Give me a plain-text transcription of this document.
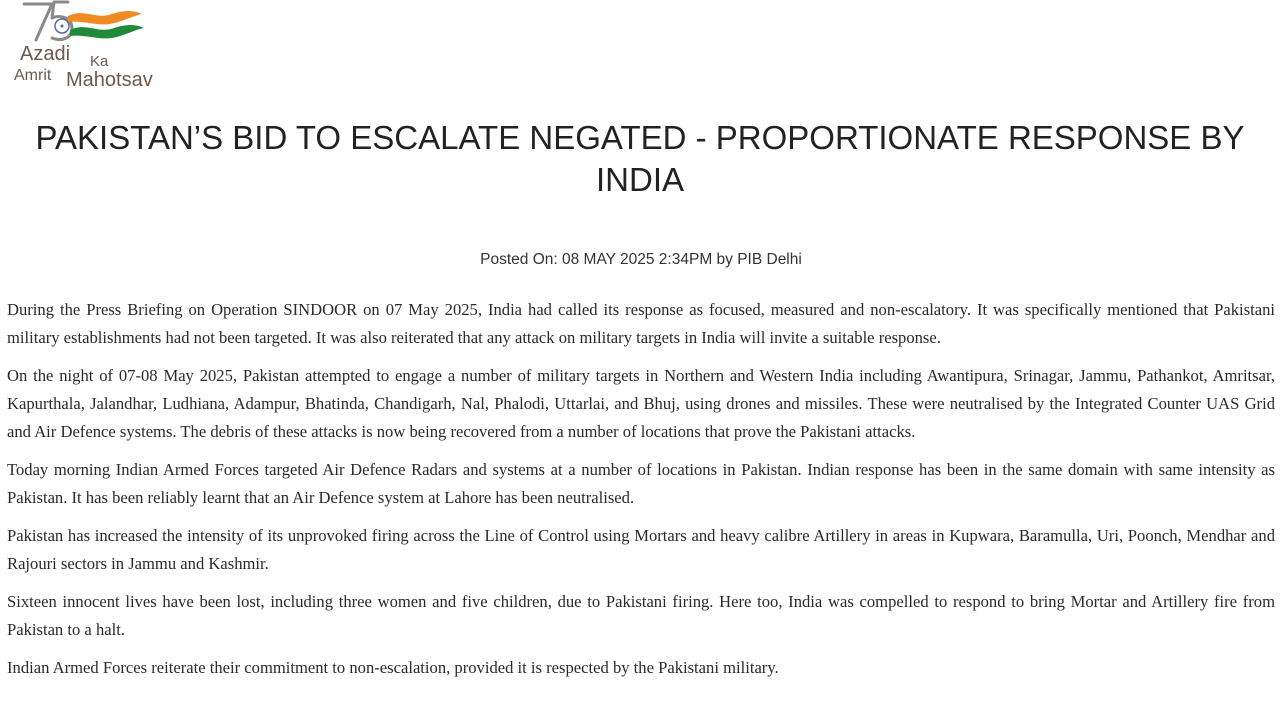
Azadi Ka
Amrit Mahotsav
PAKISTAN’S BID TO ESCALATE NEGATED - PROPORTIONATE RESPONSE BY INDIA
Posted On: 08 MAY 2025 2:34PM by PIB Delhi

During the Press Briefing on Operation SINDOOR on 07 May 2025, India had called its response as focused, measured and non-escalatory. It was specifically mentioned that Pakistani military establishments had not been targeted. It was also reiterated that any attack on military targets in India will invite a suitable response.

On the night of 07-08 May 2025, Pakistan attempted to engage a number of military targets in Northern and Western India including Awantipura, Srinagar, Jammu, Pathankot, Amritsar, Kapurthala, Jalandhar, Ludhiana, Adampur, Bhatinda, Chandigarh, Nal, Phalodi, Uttarlai, and Bhuj, using drones and missiles. These were neutralised by the Integrated Counter UAS Grid and Air Defence systems. The debris of these attacks is now being recovered from a number of locations that prove the Pakistani attacks.

Today morning Indian Armed Forces targeted Air Defence Radars and systems at a number of locations in Pakistan. Indian response has been in the same domain with same intensity as Pakistan. It has been reliably learnt that an Air Defence system at Lahore has been neutralised.

Pakistan has increased the intensity of its unprovoked firing across the Line of Control using Mortars and heavy calibre Artillery in areas in Kupwara, Baramulla, Uri, Poonch, Mendhar and Rajouri sectors in Jammu and Kashmir.

Sixteen innocent lives have been lost, including three women and five children, due to Pakistani firing. Here too, India was compelled to respond to bring Mortar and Artillery fire from Pakistan to a halt.

Indian Armed Forces reiterate their commitment to non-escalation, provided it is respected by the Pakistani military.
